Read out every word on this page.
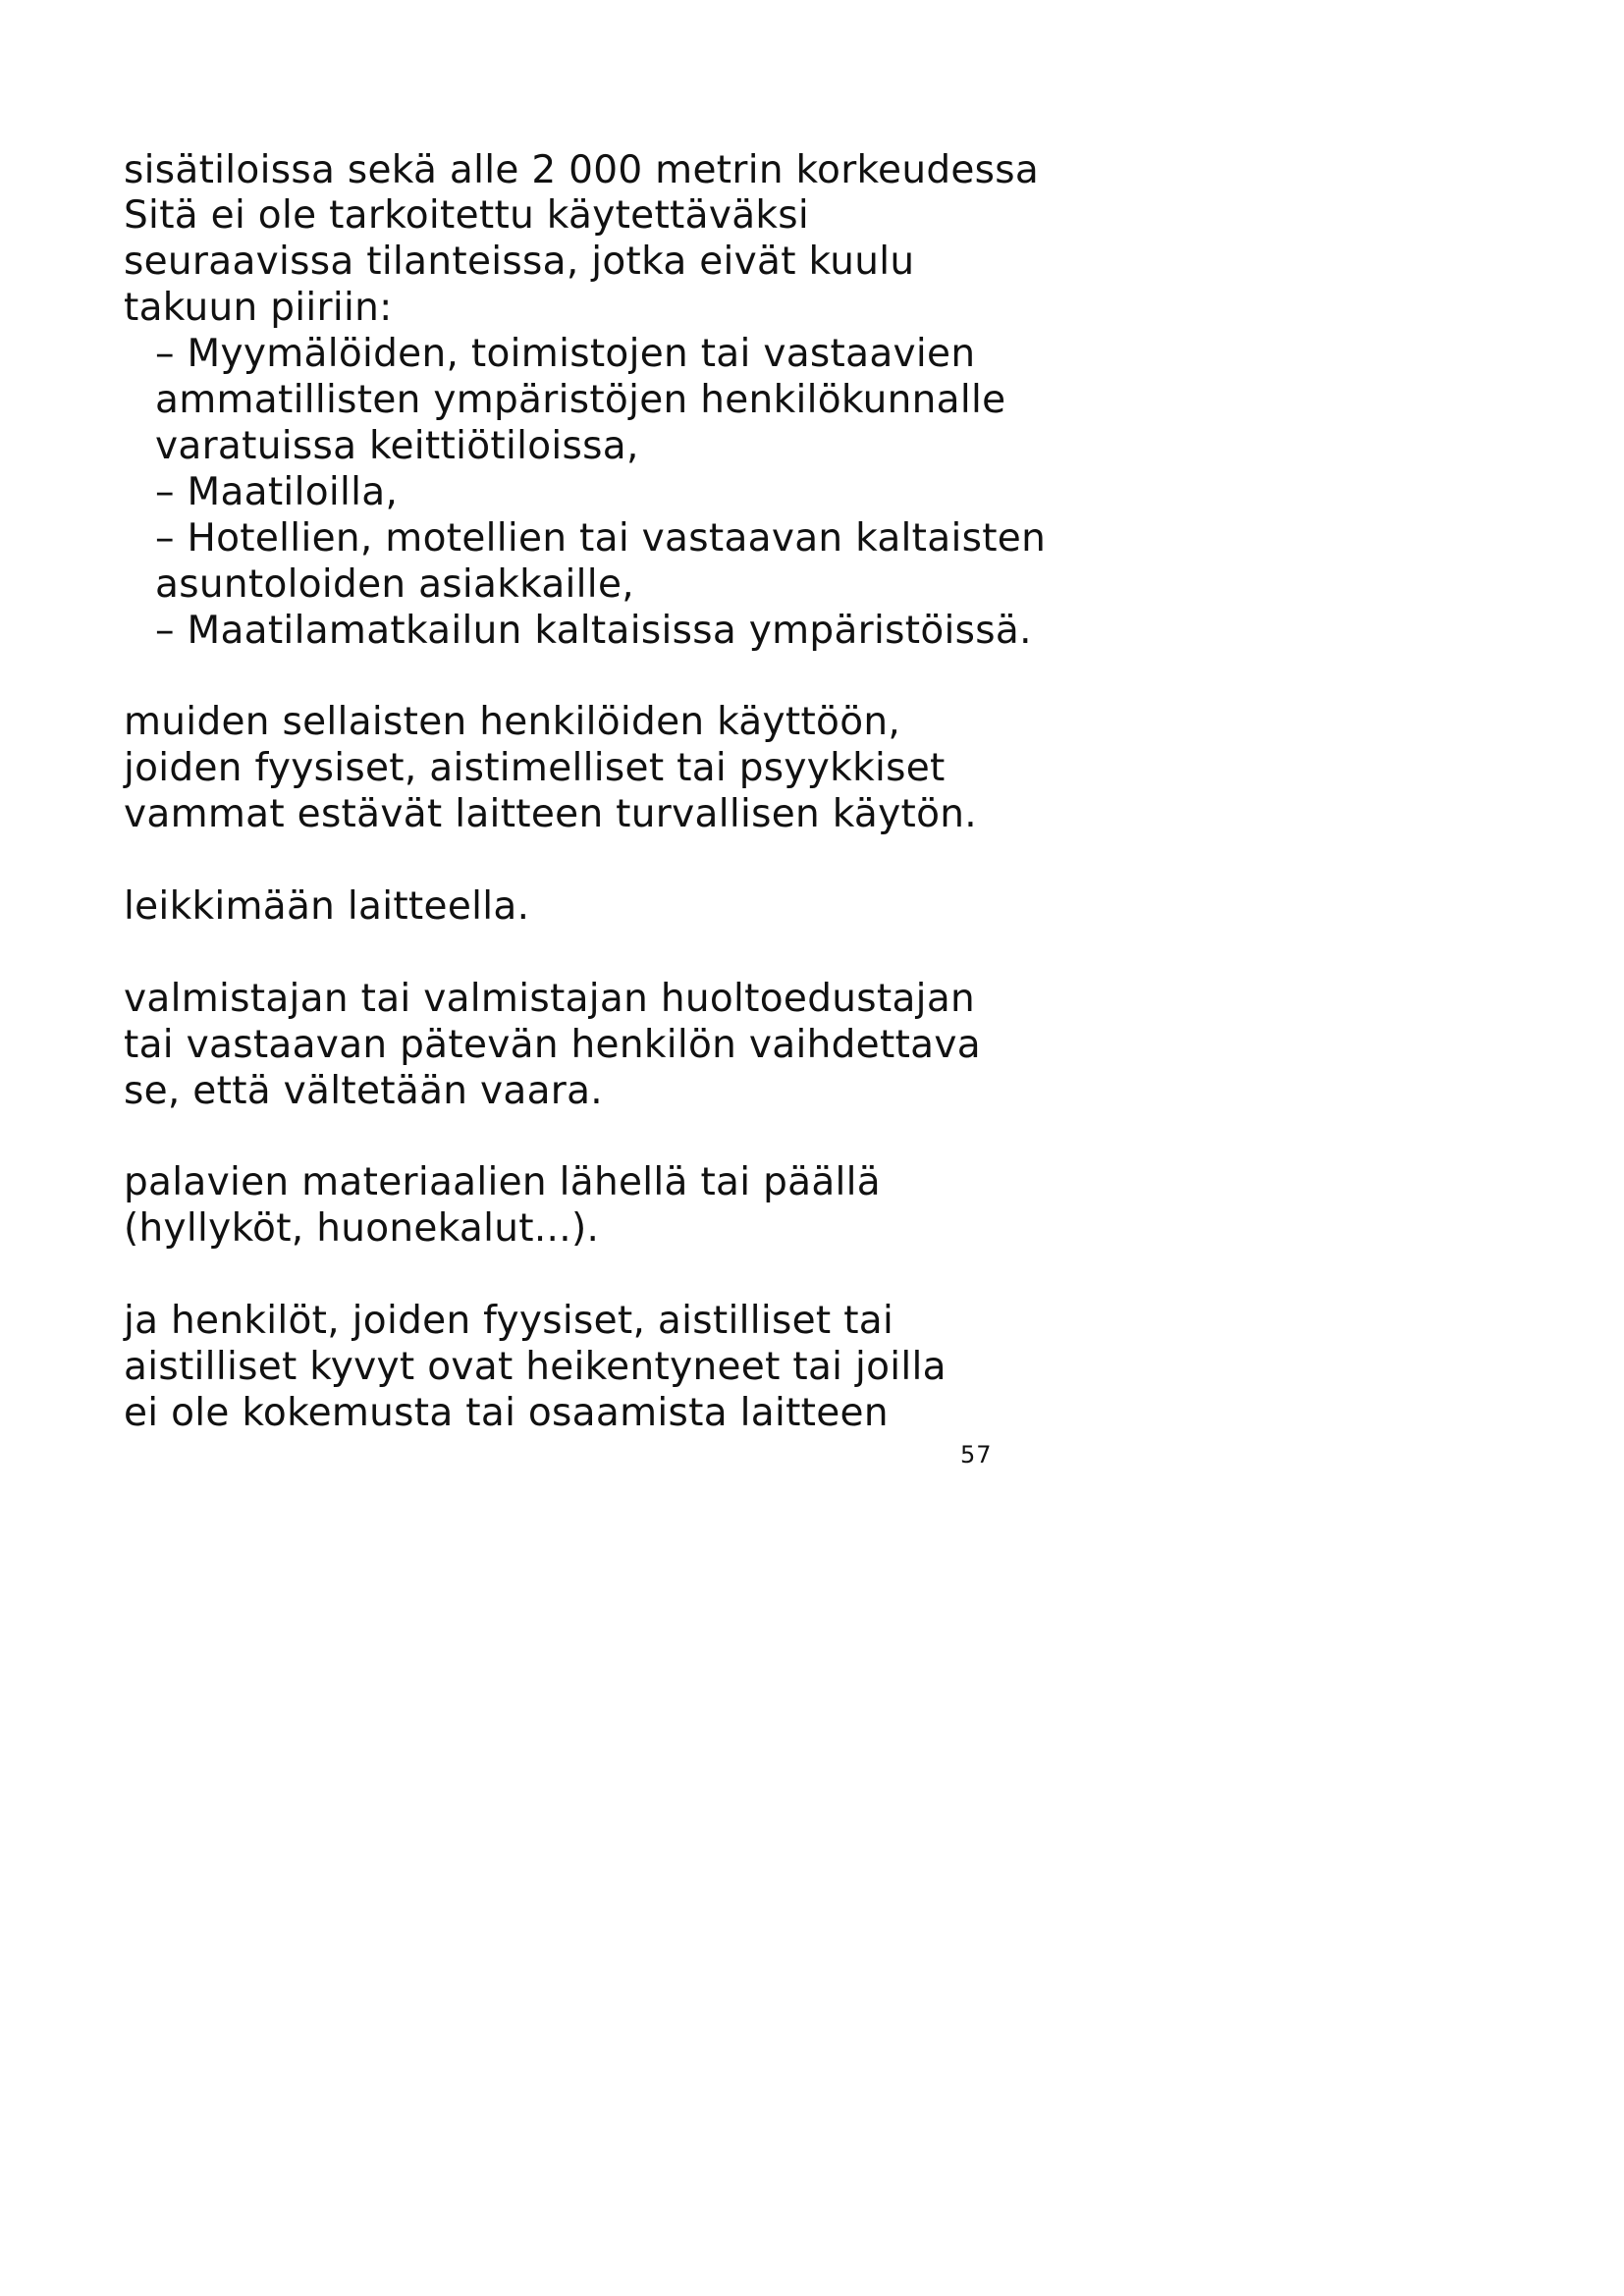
sisätiloissa sekä alle 2 000 metrin korkeudessa
Sitä ei ole tarkoitettu käytettäväksi
seuraavissa tilanteissa, jotka eivät kuulu
takuun piiriin:
– Myymälöiden, toimistojen tai vastaavien
ammatillisten ympäristöjen henkilökunnalle
varatuissa keittiötiloissa,
– Maatiloilla,
– Hotellien, motellien tai vastaavan kaltaisten
asuntoloiden asiakkaille,
– Maatilamatkailun kaltaisissa ympäristöissä.
muiden sellaisten henkilöiden käyttöön,
joiden fyysiset, aistimelliset tai psyykkiset
vammat estävät laitteen turvallisen käytön.
leikkimään laitteella.
valmistajan tai valmistajan huoltoedustajan
tai vastaavan pätevän henkilön vaihdettava
se, että vältetään vaara.
palavien materiaalien lähellä tai päällä
(hyllyköt, huonekalut...).
ja henkilöt, joiden fyysiset, aistilliset tai
aistilliset kyvyt ovat heikentyneet tai joilla
ei ole kokemusta tai osaamista laitteen
57
